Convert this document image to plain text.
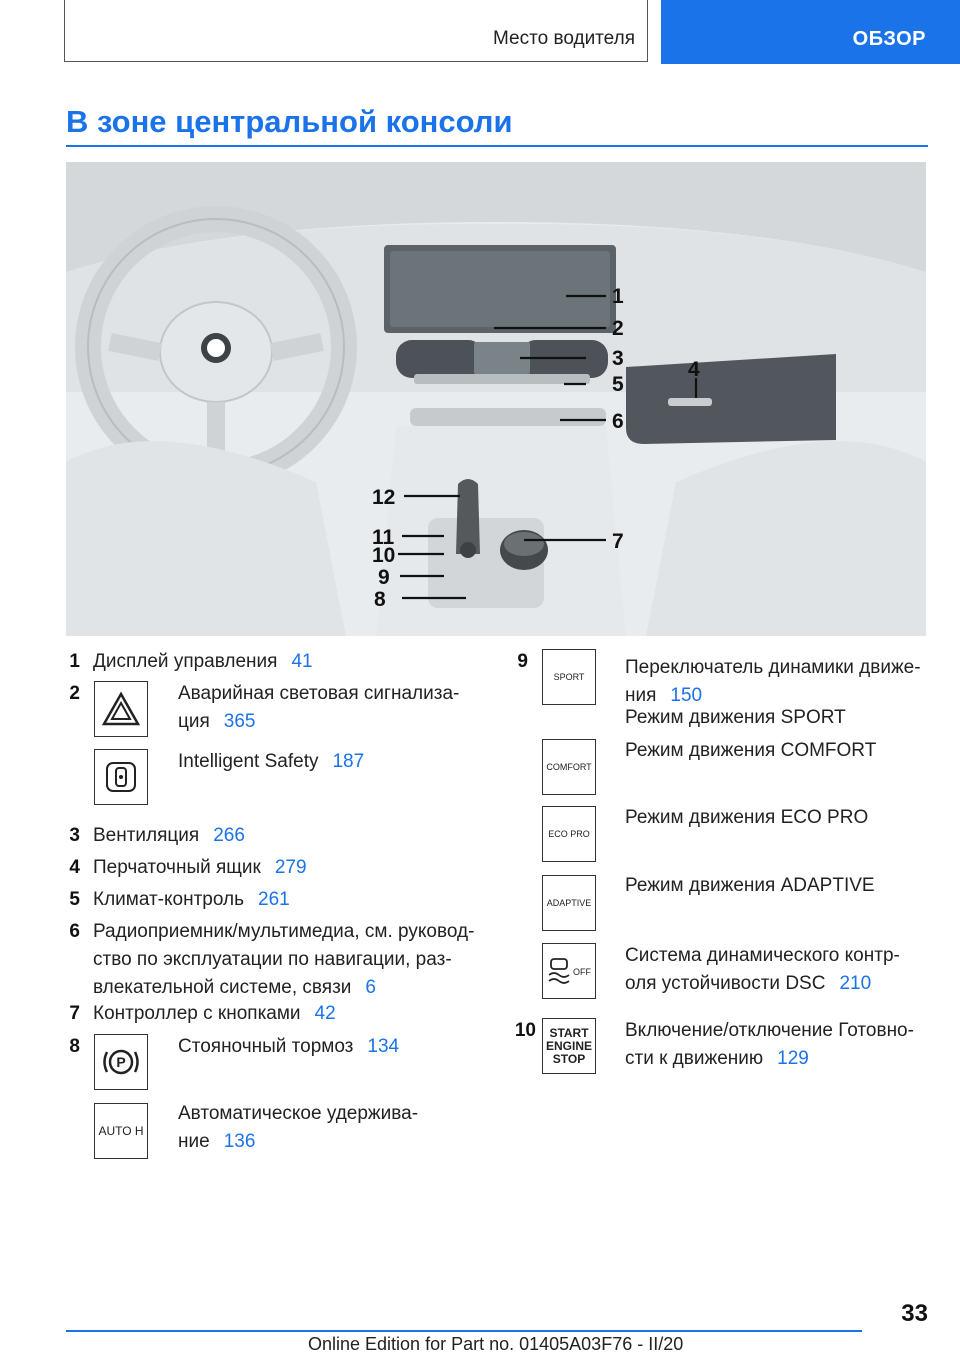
Место водителя	ОБЗОР
В зоне центральной консоли
1
2
3	4
5
6
7
8
9
10
11
12
1 Дисплей управления 41
2	Аварийная световая сигнализа-
ция 365
Intelligent Safety 187
3 Вентиляция 266
4 Перчаточный ящик 279
5 Климат-контроль 261
6 Радиоприемник/мультимедиа, см. руковод-
ство по эксплуатации по навигации, раз-
влекательной системе, связи 6
7 Контроллер с кнопками 42
8
P
Стояночный тормоз 134
AUTO H
Автоматическое удержива-
ние 136
9
SPORT Переключатель динамики движе-
ния 150
Режим движения SPORT
COMFORT
Режим движения COMFORT
ECO PRO
Режим движения ECO PRO
ADAPTIVE
Режим движения ADAPTIVE
OFF
Система динамического контр-
оля устойчивости DSC 210
10 START
ENGINE
STOP
Включение/отключение Готовно-
сти к движению 129
33
Online Edition for Part no. 01405A03F76 - II/20
